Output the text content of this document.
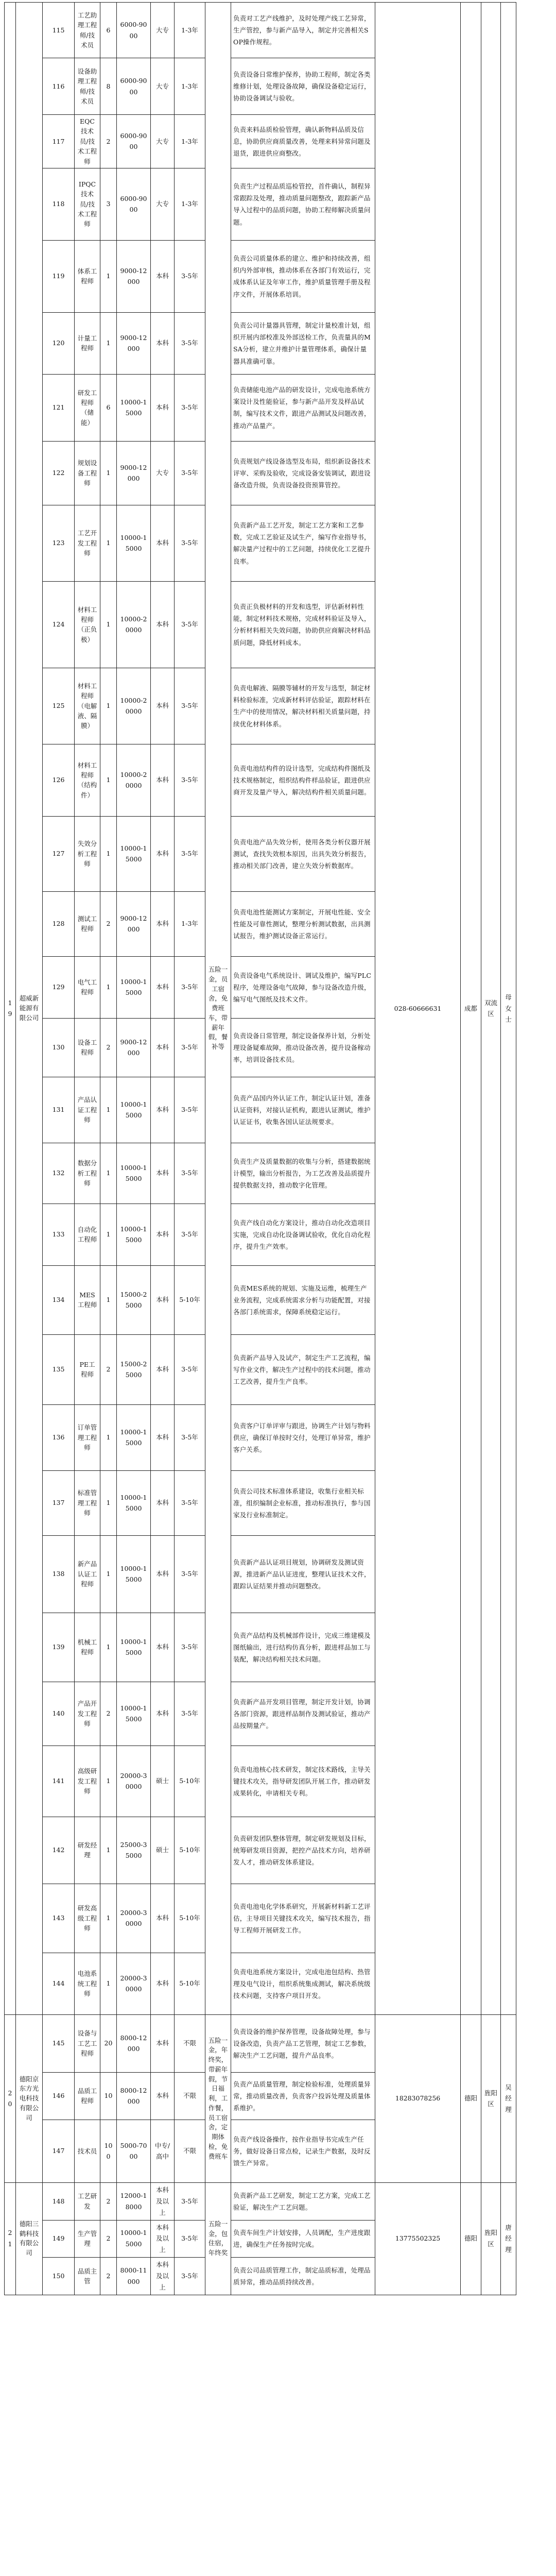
19	超威新能源有限公司	115	工艺助理工程师/技术员	6	6000-9000	大专	1-3年	五险一金，员工宿舍，免费班车，带薪年假，餐补等	负责对工艺产线维护，及时处理产线工艺异常，生产管控，参与新产品导入，制定并完善相关SOP操作规程。	028-60666631	成都	双流区	母女士
		116	设备助理工程师/技术员	8	6000-9000	大专	1-3年		负责设备日常维护保养，协助工程师，制定各类维修计划，处理设备故障，确保设备稳定运行，协助设备调试与验收。				
		117	EQC技术员/技术工程师	2	6000-9000	大专	1-3年		负责来料品质检验管理，确认新物料品质及信息，协助供应商质量改善，处理来料异常问题及退货，跟进供应商整改。				
		118	IPQC技术员/技术工程师	3	6000-9000	大专	1-3年		负责生产过程品质巡检管控，首件确认，制程异常跟踪及处理，推动质量问题整改，跟踪新产品导入过程中的品质问题，协助工程师解决质量问题。				
		119	体系工程师	1	9000-12000	本科	3-5年		负责公司质量体系的建立、维护和持续改善，组织内外部审核，推动体系在各部门有效运行，完成体系认证及年审工作，维护质量管理手册及程序文件，开展体系培训。				
		120	计量工程师	1	9000-12000	本科	3-5年		负责公司计量器具管理，制定计量校准计划，组织开展内部校准及外部送检工作，负责量具的MSA分析，建立并维护计量管理体系，确保计量器具准确可靠。				
		121	研发工程师（储能）	6	10000-15000	本科	3-5年		负责储能电池产品的研发设计，完成电池系统方案设计及性能验证，参与新产品开发及样品试制，编写技术文件，跟进产品测试及问题改善，推动产品量产。				
		122	规划设备工程师	1	9000-12000	大专	3-5年		负责规划产线设备选型及布局，组织新设备技术评审、采购及验收，完成设备安装调试，跟进设备改造升级，负责设备投资预算管控。				
		123	工艺开发工程师	1	10000-15000	本科	3-5年		负责新产品工艺开发，制定工艺方案和工艺参数，完成工艺验证及试生产，编写作业指导书，解决量产过程中的工艺问题，持续优化工艺提升良率。				
		124	材料工程师（正负极）	1	10000-20000	本科	3-5年		负责正负极材料的开发和选型，评估新材料性能，制定材料技术规格，完成材料验证及导入，分析材料相关失效问题，协助供应商解决材料品质问题，降低材料成本。				
		125	材料工程师（电解液、隔膜）	1	10000-20000	本科	3-5年		负责电解液、隔膜等辅材的开发与选型，制定材料检验标准，完成新材料评估验证，跟踪材料在生产中的使用情况，解决材料相关质量问题，持续优化材料体系。				
		126	材料工程师（结构件）	1	10000-20000	本科	3-5年		负责电池结构件的设计选型，完成结构件图纸及技术规格制定，组织结构件样品验证，跟进供应商开发及量产导入，解决结构件相关质量问题。				
		127	失效分析工程师	1	10000-15000	本科	3-5年		负责电池产品失效分析，使用各类分析仪器开展测试，查找失效根本原因，出具失效分析报告，推动相关部门改善，建立失效分析数据库。				
		128	测试工程师	2	9000-12000	本科	1-3年		负责电池性能测试方案制定，开展电性能、安全性能及可靠性测试，整理分析测试数据，出具测试报告，维护测试设备正常运行。				
		129	电气工程师	1	10000-15000	本科	3-5年		负责设备电气系统设计、调试及维护，编写PLC程序，处理设备电气故障，参与设备改造升级，编写电气图纸及技术文件。				
		130	设备工程师	2	9000-12000	本科	3-5年		负责设备日常管理，制定设备保养计划，分析处理设备疑难故障，推动设备改善，提升设备稼动率，培训设备技术员。				
		131	产品认证工程师	1	10000-15000	本科	3-5年		负责产品国内外认证工作，制定认证计划，准备认证资料，对接认证机构，跟进认证测试，维护认证证书，收集各国认证法规要求。				
		132	数据分析工程师	1	10000-15000	本科	3-5年		负责生产及质量数据的收集与分析，搭建数据统计模型，输出分析报告，为工艺改善及品质提升提供数据支持，推动数字化管理。				
		133	自动化工程师	1	10000-15000	本科	3-5年		负责产线自动化方案设计，推动自动化改造项目实施，完成自动化设备调试验收，优化自动化程序，提升生产效率。				
		134	MES工程师	1	15000-25000	本科	5-10年		负责MES系统的规划、实施及运维，梳理生产业务流程，完成系统需求分析与功能配置，对接各部门系统需求，保障系统稳定运行。				
		135	PE工程师	2	15000-25000	本科	3-5年		负责新产品导入及试产，制定生产工艺流程，编写作业文件，解决生产过程中的技术问题，推动工艺改善，提升生产良率。				
		136	订单管理工程师	1	10000-15000	本科	3-5年		负责客户订单评审与跟进，协调生产计划与物料供应，确保订单按时交付，处理订单异常，维护客户关系。				
		137	标准管理工程师	1	10000-15000	本科	3-5年		负责公司技术标准体系建设，收集行业相关标准，组织编制企业标准，推动标准执行，参与国家及行业标准制定。				
		138	新产品认证工程师	1	10000-15000	本科	3-5年		负责新产品认证项目规划，协调研发及测试资源，推进新产品认证进度，整理认证技术文件，跟踪认证结果并推动问题整改。				
		139	机械工程师	1	10000-15000	本科	3-5年		负责产品结构及机械部件设计，完成三维建模及图纸输出，进行结构仿真分析，跟进样品加工与装配，解决结构相关技术问题。				
		140	产品开发工程师	2	10000-15000	本科	3-5年		负责新产品开发项目管理，制定开发计划，协调各部门资源，跟进样品制作及测试验证，推动产品按期量产。				
		141	高级研发工程师	1	20000-30000	硕士	5-10年		负责电池核心技术研发，制定技术路线，主导关键技术攻关，指导研发团队开展工作，推动研发成果转化，申请相关专利。				
		142	研发经理	1	25000-35000	硕士	5-10年		负责研发团队整体管理，制定研发规划及目标，统筹研发项目资源，把控产品技术方向，培养研发人才，推动研发体系建设。				
		143	研发高级工程师	1	20000-30000	本科	5-10年		负责电池电化学体系研究，开展新材料新工艺评估，主导项目关键技术攻关，编写技术报告，指导工程师开展研发工作。				
		144	电池系统工程师	1	20000-30000	本科	5-10年		负责电池系统方案设计，完成电池包结构、热管理及电气设计，组织系统集成测试，解决系统级技术问题，支持客户项目开发。				
20	德阳京东方光电科技有限公司	145	设备与工艺工程师	20	8000-12000	本科	不限	五险一金，年终奖，带薪年假，节日福利，工作餐，员工宿舍，定期体检，免费班车	负责设备的维护保养管理，设备故障处理，参与设备改造，负责产品工艺管理，制定工艺参数，解决生产工艺问题，提升产品良率。	18283078256	德阳	旌阳区	吴经理
		146	品质工程师	10	8000-12000	本科	不限		负责产品质量管理，制定检验标准，处理质量异常，推动质量改善，负责客户投诉处理及质量体系维护。				
		147	技术员	100	5000-7000	中专/高中	不限		负责产线设备操作，按作业指导书完成生产任务，做好设备日常点检，记录生产数据，及时反馈生产异常。				
21	德阳三鹤科技有限公司	148	工艺研发	2	12000-18000	本科及以上	3-5年	五险一金，包住宿，年终奖	负责新产品工艺研发，制定工艺方案，完成工艺验证，解决生产工艺问题。	13775502325	德阳	旌阳区	唐经理
		149	生产管理	2	10000-15000	本科及以上	3-5年		负责车间生产计划安排，人员调配，生产进度跟进，确保生产任务按时完成。				
		150	品质主管	2	8000-11000	本科及以上	3-5年		负责公司品质管理工作，制定品质标准，处理品质异常，推动品质持续改善。				
